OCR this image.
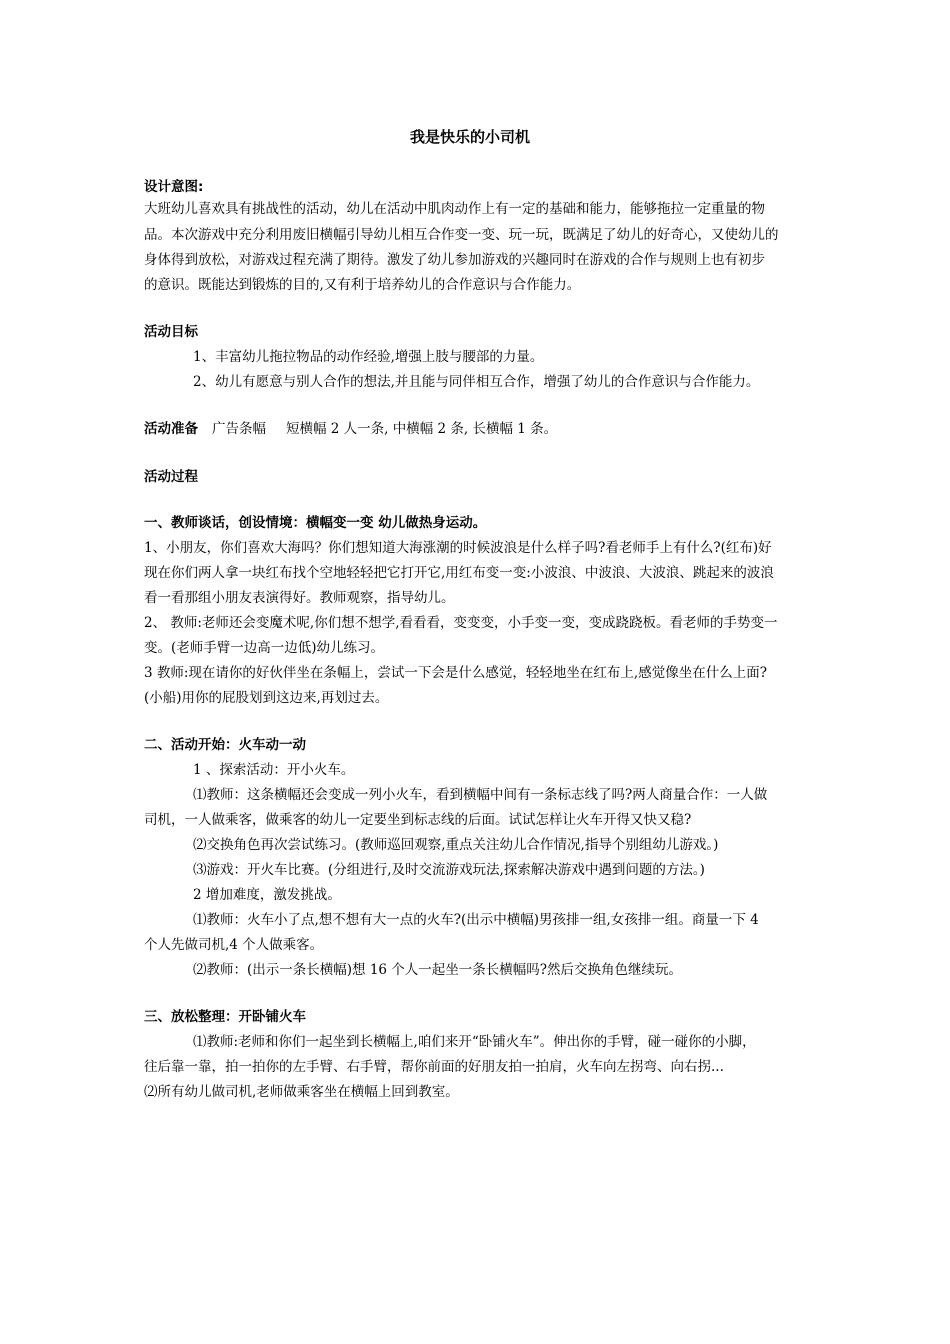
我是快乐的小司机
设计意图:
大班幼儿喜欢具有挑战性的活动，幼儿在活动中肌肉动作上有一定的基础和能力，能够拖拉一定重量的物
品。本次游戏中充分利用废旧横幅引导幼儿相互合作变一变、玩一玩，既满足了幼儿的好奇心，又使幼儿的
身体得到放松，对游戏过程充满了期待。激发了幼儿参加游戏的兴趣同时在游戏的合作与规则上也有初步
的意识。既能达到锻炼的目的,又有利于培养幼儿的合作意识与合作能力。
活动目标
1、丰富幼儿拖拉物品的动作经验,增强上肢与腰部的力量。
2、幼儿有愿意与别人合作的想法,并且能与同伴相互合作，增强了幼儿的合作意识与合作能力。
活动准备 广告条幅 短横幅 2 人一条, 中横幅 2 条, 长横幅 1 条。
活动过程
一、教师谈话，创设情境：横幅变一变 幼儿做热身运动。
1、小朋友，你们喜欢大海吗？你们想知道大海涨潮的时候波浪是什么样子吗?看老师手上有什么?(红布)好
现在你们两人拿一块红布找个空地轻轻把它打开它,用红布变一变:小波浪、中波浪、大波浪、跳起来的波浪
看一看那组小朋友表演得好。教师观察，指导幼儿。
2、 教师:老师还会变魔术呢,你们想不想学,看看看，变变变，小手变一变，变成跷跷板。看老师的手势变一
变。(老师手臂一边高一边低)幼儿练习。
3 教师:现在请你的好伙伴坐在条幅上，尝试一下会是什么感觉，轻轻地坐在红布上,感觉像坐在什么上面?
(小船)用你的屁股划到这边来,再划过去。
二、活动开始：火车动一动
1 、探索活动：开小火车。
⑴教师：这条横幅还会变成一列小火车，看到横幅中间有一条标志线了吗?两人商量合作：一人做
司机，一人做乘客，做乘客的幼儿一定要坐到标志线的后面。试试怎样让火车开得又快又稳?
⑵交换角色再次尝试练习。(教师巡回观察,重点关注幼儿合作情况,指导个别组幼儿游戏。)
⑶游戏：开火车比赛。(分组进行,及时交流游戏玩法,探索解决游戏中遇到问题的方法。)
2 增加难度，激发挑战。
⑴教师：火车小了点,想不想有大一点的火车?(出示中横幅)男孩排一组,女孩排一组。商量一下 4
个人先做司机,4 个人做乘客。
⑵教师：(出示一条长横幅)想 16 个人一起坐一条长横幅吗?然后交换角色继续玩。
三、放松整理：开卧铺火车
⑴教师:老师和你们一起坐到长横幅上,咱们来开“卧铺火车”。伸出你的手臂，碰一碰你的小脚，
往后靠一靠，拍一拍你的左手臂、右手臂，帮你前面的好朋友拍一拍肩，火车向左拐弯、向右拐...
⑵所有幼儿做司机,老师做乘客坐在横幅上回到教室。
